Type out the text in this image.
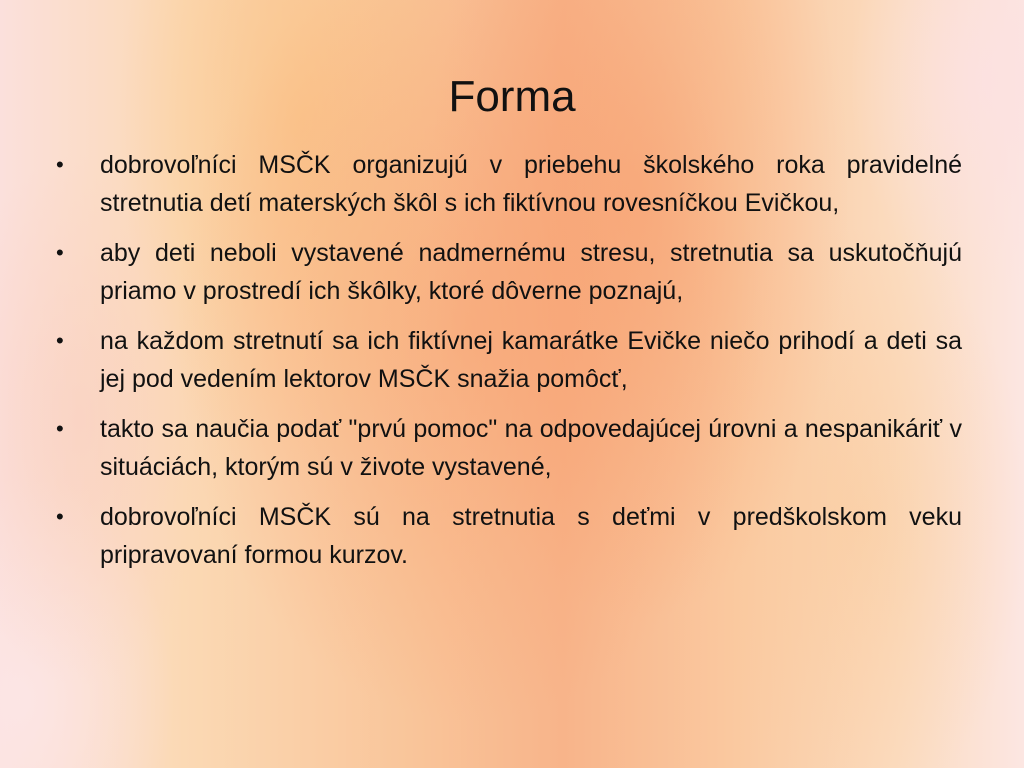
Forma
•	dobrovoľníci MSČK organizujú v priebehu školského roka pravidelné stretnutia detí materských škôl s ich fiktívnou rovesníčkou Evičkou,
•	aby deti neboli vystavené nadmernému stresu, stretnutia sa uskutočňujú priamo v prostredí ich škôlky, ktoré dôverne poznajú,
•	na každom stretnutí sa ich fiktívnej kamarátke Evičke niečo prihodí a deti sa jej pod vedením lektorov MSČK snažia pomôcť,
•	takto sa naučia podať "prvú pomoc" na odpovedajúcej úrovni a nespanikáriť v situáciách, ktorým sú v živote vystavené,
•	dobrovoľníci MSČK sú na stretnutia s deťmi v predškolskom veku pripravovaní formou kurzov.
